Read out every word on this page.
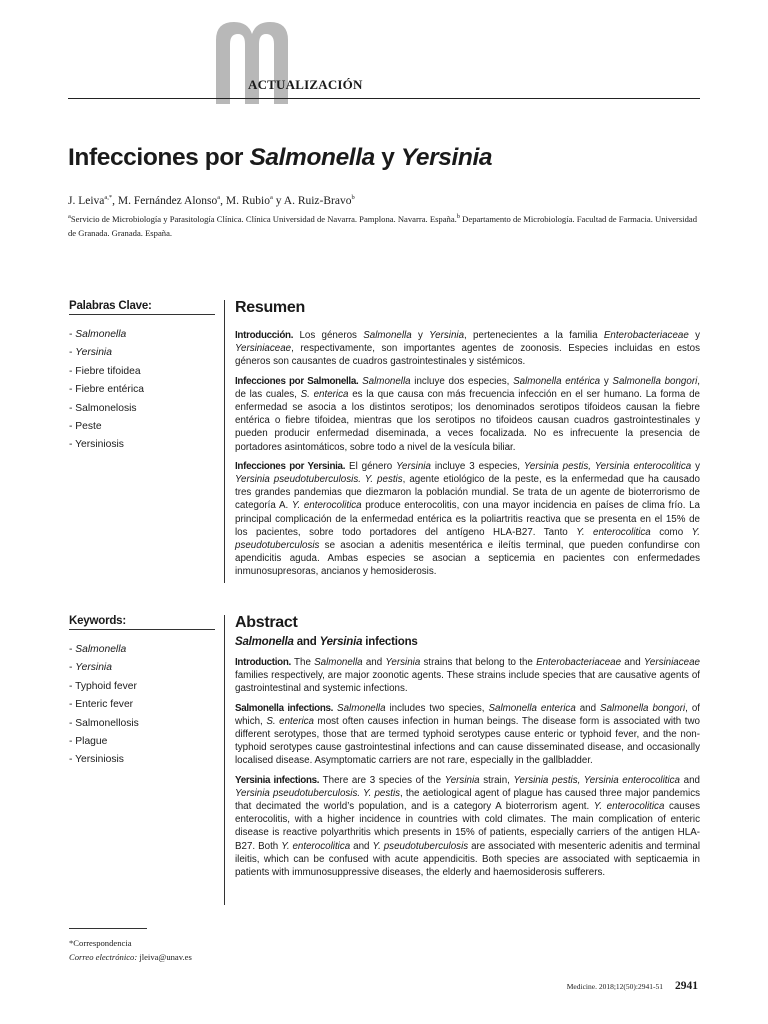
ACTUALIZACIÓN
Infecciones por Salmonella y Yersinia
J. Leiva$^{a,*}$, M. Fernández Alonso$^a$, M. Rubio$^a$ y A. Ruiz-Bravo$^b$
$^a$Servicio de Microbiología y Parasitología Clínica. Clínica Universidad de Navarra. Pamplona. Navarra. España.$^b$ Departamento de Microbiología. Facultad de Farmacia. Universidad de Granada. Granada. España.
Palabras Clave:
- Salmonella
- Yersinia
- Fiebre tifoidea
- Fiebre entérica
- Salmonelosis
- Peste
- Yersiniosis
Keywords:
- Salmonella
- Yersinia
- Typhoid fever
- Enteric fever
- Salmonellosis
- Plague
- Yersiniosis
Resumen

Introducción. Los géneros Salmonella y Yersinia, pertenecientes a la familia Enterobacteriaceae y Yersiniaceae, respectivamente, son importantes agentes de zoonosis. Especies incluidas en estos géneros son causantes de cuadros gastrointestinales y sistémicos.

Infecciones por Salmonella. Salmonella incluye dos especies, Salmonella entérica y Salmonella bongori, de las cuales, S. enterica es la que causa con más frecuencia infección en el ser humano. La forma de enfermedad se asocia a los distintos serotipos; los denominados serotipos tifoideos causan la fiebre entérica o fiebre tifoidea, mientras que los serotipos no tifoideos causan cuadros gastrointestinales y pueden producir enfermedad diseminada, a veces focalizada. No es infrecuente la presencia de portadores asintomáticos, sobre todo a nivel de la vesícula biliar.

Infecciones por Yersinia. El género Yersinia incluye 3 especies, Yersinia pestis, Yersinia enterocolitica y Yersinia pseudotuberculosis. Y. pestis, agente etiológico de la peste, es la enfermedad que ha causado tres grandes pandemias que diezmaron la población mundial. Se trata de un agente de bioterrorismo de categoría A. Y. enterocolitica produce enterocolitis, con una mayor incidencia en países de clima frío. La principal complicación de la enfermedad entérica es la poliartritis reactiva que se presenta en el 15% de los pacientes, sobre todo portadores del antígeno HLA-B27. Tanto Y. enterocolitica como Y. pseudotuberculosis se asocian a adenitis mesentérica e ileítis terminal, que pueden confundirse con apendicitis aguda. Ambas especies se asocian a septicemia en pacientes con enfermedades inmunosupresoras, ancianos y hemosiderosis.

Abstract
Salmonella and Yersinia infections

Introduction. The Salmonella and Yersinia strains that belong to the Enterobacteriaceae and Yersiniaceae families respectively, are major zoonotic agents. These strains include species that are causative agents of gastrointestinal and systemic infections.

Salmonella infections. Salmonella includes two species, Salmonella enterica and Salmonella bongori, of which, S. enterica most often causes infection in human beings. The disease form is associated with two different serotypes, those that are termed typhoid serotypes cause enteric or typhoid fever, and the non-typhoid serotypes cause gastrointestinal infections and can cause disseminated disease, and occasionally localised disease. Asymptomatic carriers are not rare, especially in the gallbladder.

Yersinia infections. There are 3 species of the Yersinia strain, Yersinia pestis, Yersinia enterocolitica and Yersinia pseudotuberculosis. Y. pestis, the aetiological agent of plague has caused three major pandemics that decimated the world’s population, and is a category A bioterrorism agent. Y. enterocolitica causes enterocolitis, with a higher incidence in countries with cold climates. The main complication of enteric disease is reactive polyarthritis which presents in 15% of patients, especially carriers of the antigen HLA-B27. Both Y. enterocolitica and Y. pseudotuberculosis are associated with mesenteric adenitis and terminal ileitis, which can be confused with acute appendicitis. Both species are associated with septicaemia in patients with immunosuppressive diseases, the elderly and haemosiderosis sufferers.

*Correspondencia
Correo electrónico: jleiva@unav.es
Medicine. 2018;12(50):2941-51 2941
